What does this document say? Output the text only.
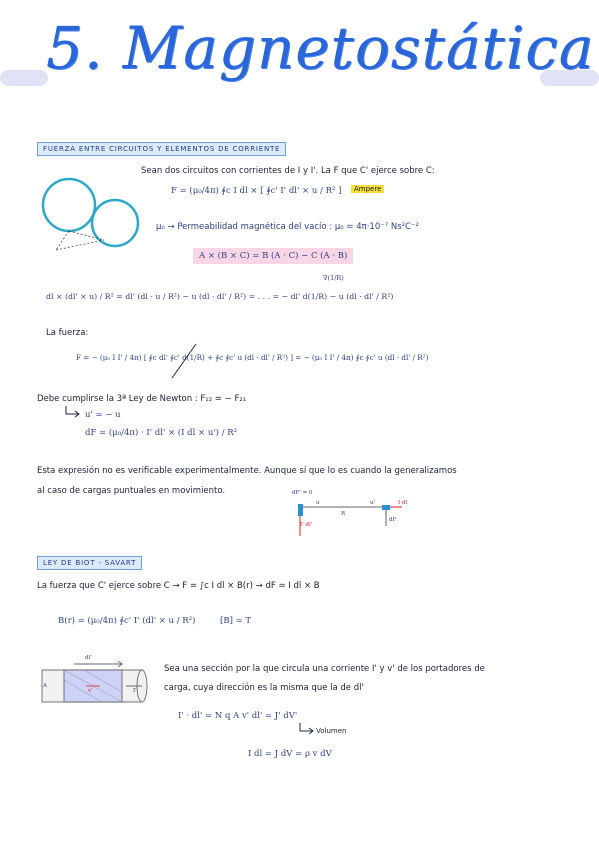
5. Magnetostática
FUERZA ENTRE CIRCUITOS Y ELEMENTOS DE CORRIENTE
Sean dos circuitos con corrientes de I y I'. La F que C' ejerce sobre C:
F = (μ₀/4π) ∮c I dl × [ ∮c' I' dl' × u / R² ]	Ampere
μ₀ → Permeabilidad magnética del vacío : μ₀ = 4π·10⁻⁷ Ns²C⁻²
A × (B × C) = B (A · C) − C (A · B)
∇(1/R)
dl × (dl' × u) / R² = dl' (dl · u / R²) − u (dl · dl' / R²) = . . . = − dl' d(1/R) − u (dl · dl' / R²)
La fuerza:
F = − (μ₀ I I' / 4π) [ ∮c dl' ∮c' d(1/R) + ∮c ∮c' u (dl · dl' / R²) ] = − (μ₀ I I' / 4π) ∮c ∮c' u (dl · dl' / R²)
Debe cumplirse la 3ª Ley de Newton : F₁₂ = − F₂₁
u' = − u
dF = (μ₀/4π) · I' dl' × (I dl × u') / R²
Esta expresión no es verificable experimentalmente. Aunque sí que lo es cuando la generalizamos
al caso de cargas puntuales en movimiento.	dF' = 0
u	u'
R
I dl
I' dl'
dF
LEY DE BIOT - SAVART
La fuerza que C' ejerce sobre C → F = ∫c I dl × B(r) → dF = I dl × B
B(r) = (μ₀/4π) ∮c' I' (dl' × u / R²)	[B] = T
A
dl'
v'	I'
Sea una sección por la que circula una corriente I' y v' de los portadores de
carga, cuya dirección es la misma que la de dl'
I' · dl' = N q A v' dl' = J' dV'
Volumen
I dl = J dV = ρ v dV
